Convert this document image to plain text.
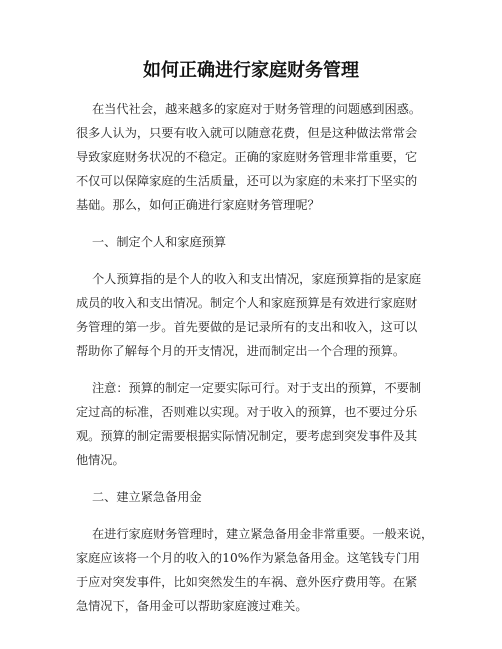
如何正确进行家庭财务管理
在当代社会，越来越多的家庭对于财务管理的问题感到困惑。
很多人认为，只要有收入就可以随意花费，但是这种做法常常会
导致家庭财务状况的不稳定。正确的家庭财务管理非常重要，它
不仅可以保障家庭的生活质量，还可以为家庭的未来打下坚实的
基础。那么，如何正确进行家庭财务管理呢？
一、制定个人和家庭预算
个人预算指的是个人的收入和支出情况，家庭预算指的是家庭
成员的收入和支出情况。制定个人和家庭预算是有效进行家庭财
务管理的第一步。首先要做的是记录所有的支出和收入，这可以
帮助你了解每个月的开支情况，进而制定出一个合理的预算。
注意：预算的制定一定要实际可行。对于支出的预算，不要制
定过高的标准，否则难以实现。对于收入的预算，也不要过分乐
观。预算的制定需要根据实际情况制定，要考虑到突发事件及其
他情况。
二、建立紧急备用金
在进行家庭财务管理时，建立紧急备用金非常重要。一般来说，
家庭应该将一个月的收入的10%作为紧急备用金。这笔钱专门用
于应对突发事件，比如突然发生的车祸、意外医疗费用等。在紧
急情况下，备用金可以帮助家庭渡过难关。
